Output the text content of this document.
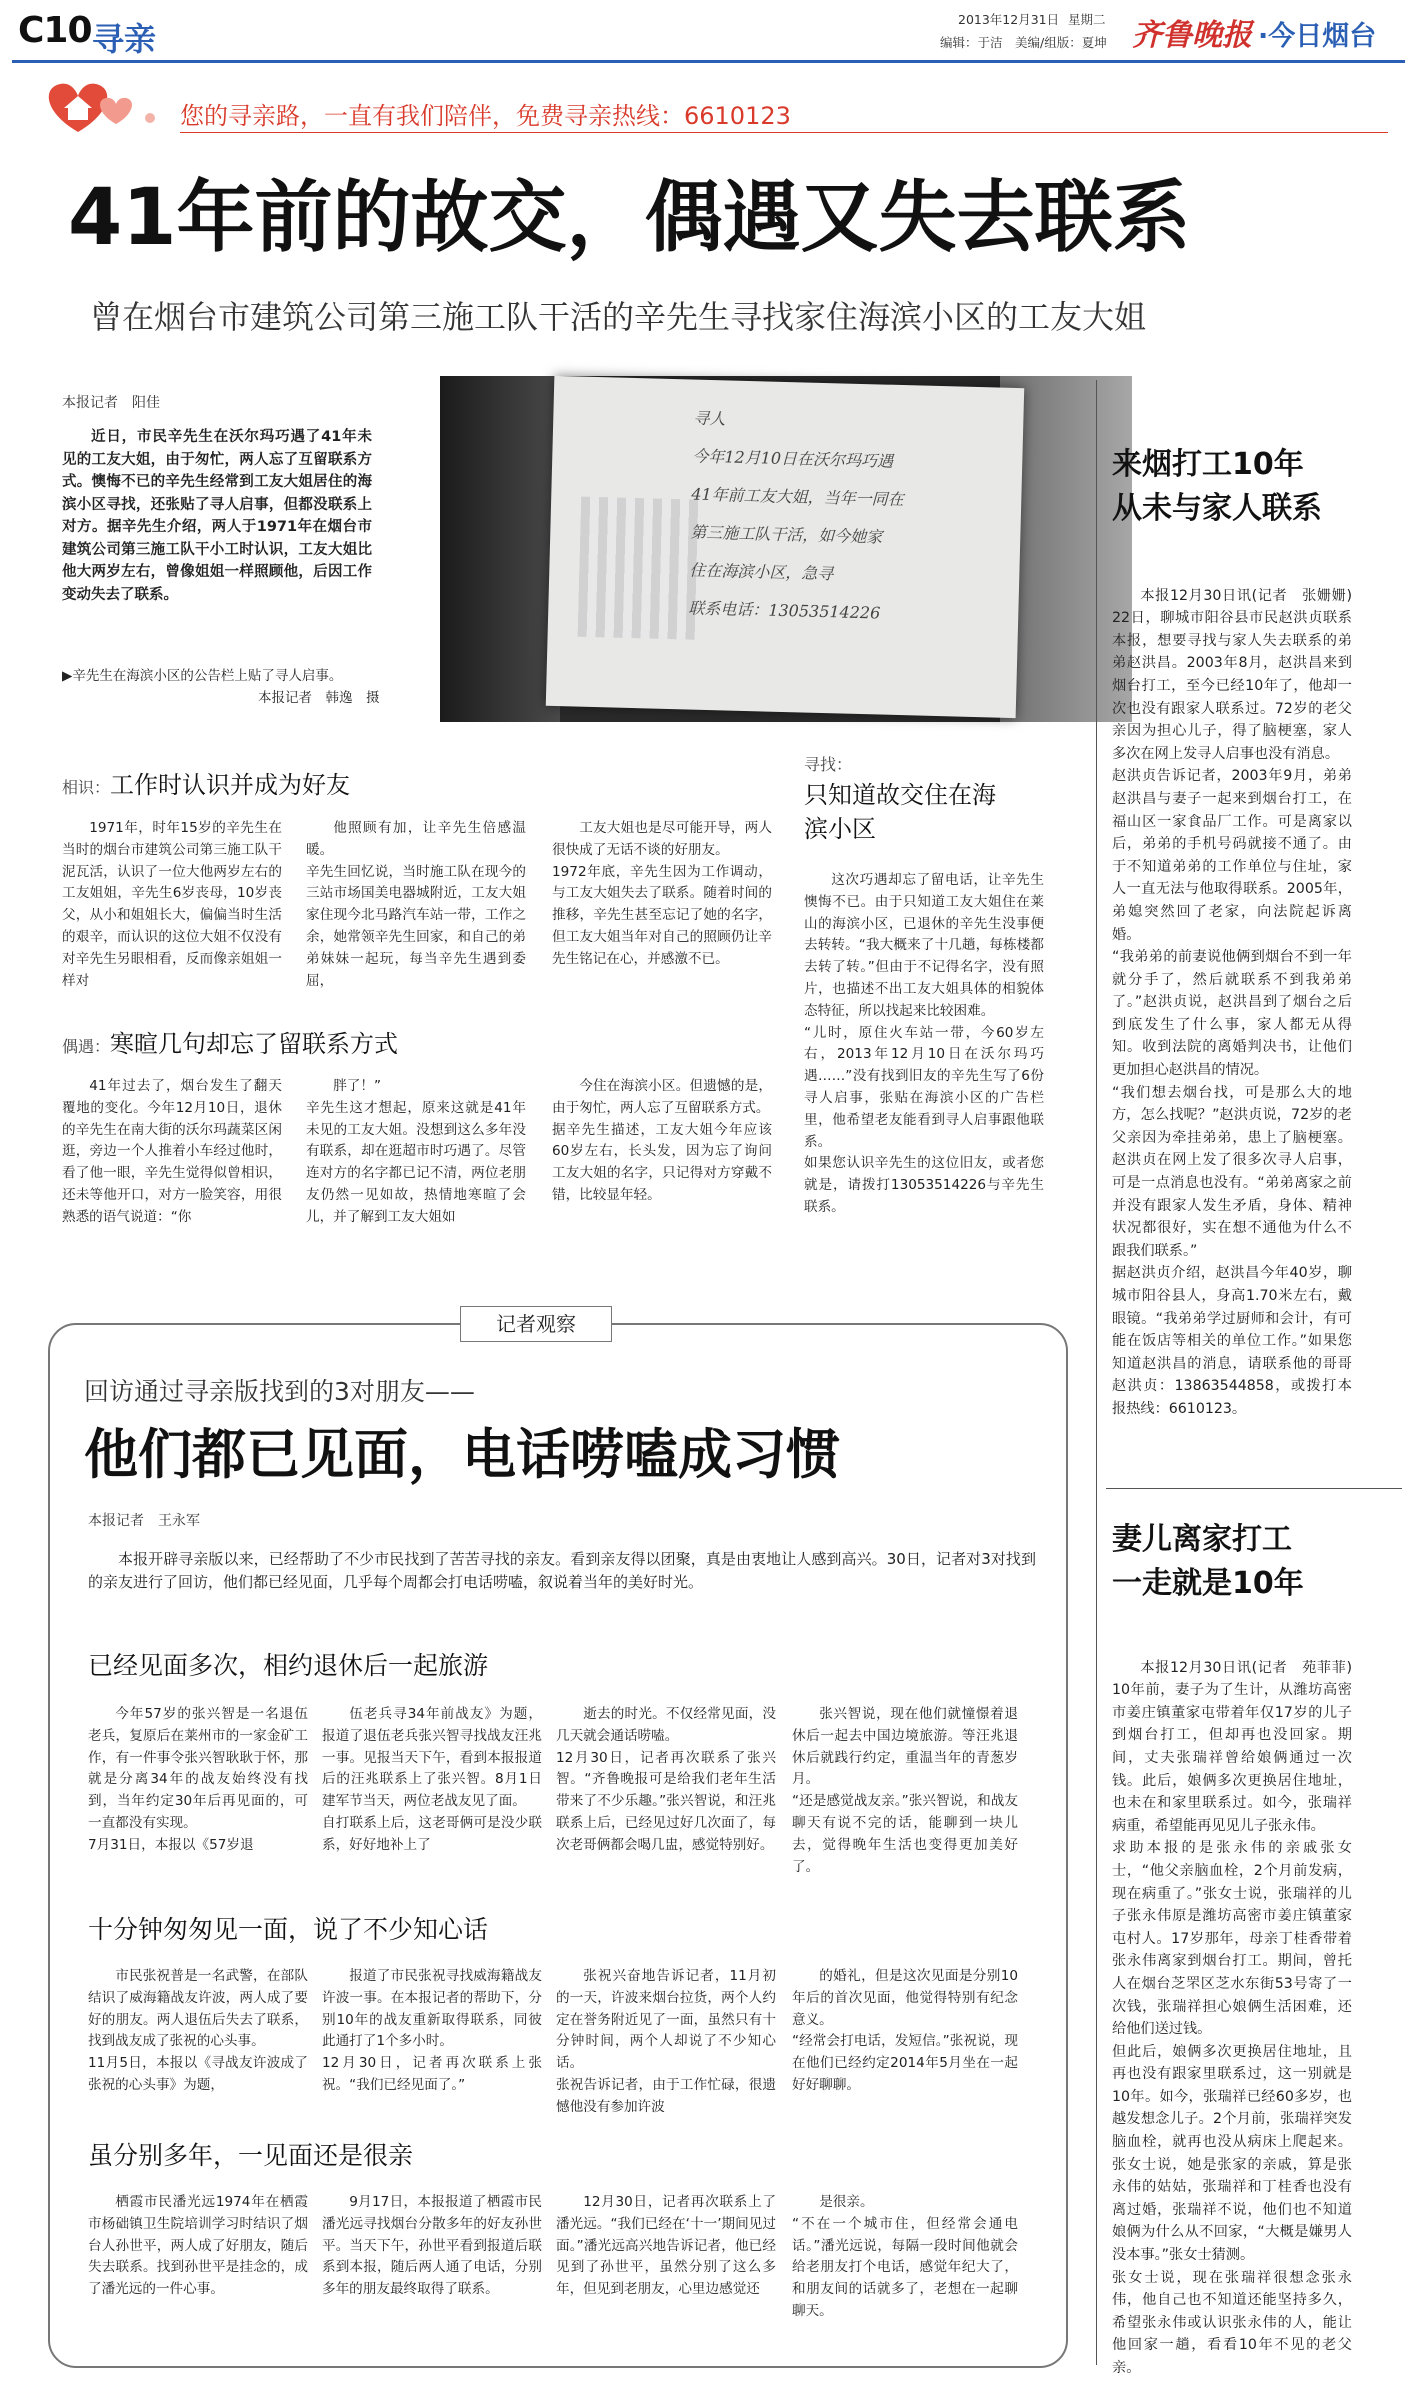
C10 寻亲
2013年12月31日 星期二
编辑：于洁　美编/组版：夏坤 齐鲁晚报 ·今日烟台
您的寻亲路，一直有我们陪伴，免费寻亲热线：6610123
41年前的故交，偶遇又失去联系
曾在烟台市建筑公司第三施工队干活的辛先生寻找家住海滨小区的工友大姐
本报记者　阳佳

近日，市民辛先生在沃尔玛巧遇了41年未见的工友大姐，由于匆忙，两人忘了互留联系方式。懊悔不已的辛先生经常到工友大姐居住的海滨小区寻找，还张贴了寻人启事，但都没联系上对方。据辛先生介绍，两人于1971年在烟台市建筑公司第三施工队干小工时认识，工友大姐比他大两岁左右，曾像姐姐一样照顾他，后因工作变动失去了联系。

▶辛先生在海滨小区的公告栏上贴了寻人启事。
本报记者　韩逸　摄
寻人
今年12月10日在沃尔玛巧遇
41年前工友大姐，当年一同在
第三施工队干活，如今她家
住在海滨小区，急寻
联系电话：13053514226
相识：工作时认识并成为好友

1971年，时年15岁的辛先生在当时的烟台市建筑公司第三施工队干泥瓦活，认识了一位大他两岁左右的工友姐姐，辛先生6岁丧母，10岁丧父，从小和姐姐长大，偏偏当时生活的艰辛，而认识的这位大姐不仅没有对辛先生另眼相看，反而像亲姐姐一样对

他照顾有加，让辛先生倍感温暖。
辛先生回忆说，当时施工队在现今的三站市场国美电器城附近，工友大姐家住现今北马路汽车站一带，工作之余，她常领辛先生回家，和自己的弟弟妹妹一起玩，每当辛先生遇到委屈，

工友大姐也是尽可能开导，两人很快成了无话不谈的好朋友。
1972年底，辛先生因为工作调动，与工友大姐失去了联系。随着时间的推移，辛先生甚至忘记了她的名字，但工友大姐当年对自己的照顾仍让辛先生铭记在心，并感激不已。

偶遇：寒暄几句却忘了留联系方式

41年过去了，烟台发生了翻天覆地的变化。今年12月10日，退休的辛先生在南大街的沃尔玛蔬菜区闲逛，旁边一个人推着小车经过他时，看了他一眼，辛先生觉得似曾相识，还未等他开口，对方一脸笑容，用很熟悉的语气说道：“你

胖了！”
辛先生这才想起，原来这就是41年未见的工友大姐。没想到这么多年没有联系，却在逛超市时巧遇了。尽管连对方的名字都已记不清，两位老朋友仍然一见如故，热情地寒暄了会儿，并了解到工友大姐如

今住在海滨小区。但遗憾的是，由于匆忙，两人忘了互留联系方式。
据辛先生描述，工友大姐今年应该60岁左右，长头发，因为忘了询问工友大姐的名字，只记得对方穿戴不错，比较显年轻。

寻找：
只知道故交住在海滨小区

这次巧遇却忘了留电话，让辛先生懊悔不已。由于只知道工友大姐住在莱山的海滨小区，已退休的辛先生没事便去转转。“我大概来了十几趟，每栋楼都去转了转。”但由于不记得名字，没有照片，也描述不出工友大姐具体的相貌体态特征，所以找起来比较困难。
“儿时，原住火车站一带，今60岁左右，2013年12月10日在沃尔玛巧遇……”没有找到旧友的辛先生写了6份寻人启事，张贴在海滨小区的广告栏里，他希望老友能看到寻人启事跟他联系。
如果您认识辛先生的这位旧友，或者您就是，请拨打13053514226与辛先生联系。

记者观察
回访通过寻亲版找到的3对朋友——
他们都已见面，电话唠嗑成习惯
本报记者　王永军

本报开辟寻亲版以来，已经帮助了不少市民找到了苦苦寻找的亲友。看到亲友得以团聚，真是由衷地让人感到高兴。30日，记者对3对找到的亲友进行了回访，他们都已经见面，几乎每个周都会打电话唠嗑，叙说着当年的美好时光。

已经见面多次，相约退休后一起旅游

今年57岁的张兴智是一名退伍老兵，复原后在莱州市的一家金矿工作，有一件事令张兴智耿耿于怀，那就是分离34年的战友始终没有找到，当年约定30年后再见面的，可一直都没有实现。
7月31日，本报以《57岁退

伍老兵寻34年前战友》为题，报道了退伍老兵张兴智寻找战友汪兆一事。见报当天下午，看到本报报道后的汪兆联系上了张兴智。8月1日建军节当天，两位老战友见了面。
自打联系上后，这老哥俩可是没少联系，好好地补上了

逝去的时光。不仅经常见面，没几天就会通话唠嗑。
12月30日，记者再次联系了张兴智。“齐鲁晚报可是给我们老年生活带来了不少乐趣。”张兴智说，和汪兆联系上后，已经见过好几次面了，每次老哥俩都会喝几盅，感觉特别好。

张兴智说，现在他们就憧憬着退休后一起去中国边境旅游。等汪兆退休后就践行约定，重温当年的青葱岁月。
“还是感觉战友亲。”张兴智说，和战友聊天有说不完的话，能聊到一块儿去，觉得晚年生活也变得更加美好了。

十分钟匆匆见一面，说了不少知心话

市民张祝普是一名武警，在部队结识了威海籍战友许波，两人成了要好的朋友。两人退伍后失去了联系，找到战友成了张祝的心头事。
11月5日，本报以《寻战友许波成了张祝的心头事》为题，

报道了市民张祝寻找威海籍战友许波一事。在本报记者的帮助下，分别10年的战友重新取得联系，同彼此通打了1个多小时。
12月30日，记者再次联系上张祝。“我们已经见面了。”

张祝兴奋地告诉记者，11月初的一天，许波来烟台拉货，两个人约定在誉务附近见了一面，虽然只有十分钟时间，两个人却说了不少知心话。
张祝告诉记者，由于工作忙碌，很遗憾他没有参加许波

的婚礼，但是这次见面是分别10年后的首次见面，他觉得特别有纪念意义。
“经常会打电话，发短信。”张祝说，现在他们已经约定2014年5月坐在一起好好聊聊。

虽分别多年，一见面还是很亲

栖霞市民潘光远1974年在栖霞市杨础镇卫生院培训学习时结识了烟台人孙世平，两人成了好朋友，随后失去联系。找到孙世平是挂念的，成了潘光远的一件心事。

9月17日，本报报道了栖霞市民潘光远寻找烟台分散多年的好友孙世平。当天下午，孙世平看到报道后联系到本报，随后两人通了电话，分别多年的朋友最终取得了联系。

12月30日，记者再次联系上了潘光远。“我们已经在‘十一’期间见过面。”潘光远高兴地告诉记者，他已经见到了孙世平，虽然分别了这么多年，但见到老朋友，心里边感觉还

是很亲。
“不在一个城市住，但经常会通电话。”潘光远说，每隔一段时间他就会给老朋友打个电话，感觉年纪大了，和朋友间的话就多了，老想在一起聊聊天。

来烟打工10年
从未与家人联系

本报12月30日讯(记者　张姗姗)　22日，聊城市阳谷县市民赵洪贞联系本报，想要寻找与家人失去联系的弟弟赵洪昌。2003年8月，赵洪昌来到烟台打工，至今已经10年了，他却一次也没有跟家人联系过。72岁的老父亲因为担心儿子，得了脑梗塞，家人多次在网上发寻人启事也没有消息。
赵洪贞告诉记者，2003年9月，弟弟赵洪昌与妻子一起来到烟台打工，在福山区一家食品厂工作。可是离家以后，弟弟的手机号码就接不通了。由于不知道弟弟的工作单位与住址，家人一直无法与他取得联系。2005年，弟媳突然回了老家，向法院起诉离婚。
“我弟弟的前妻说他俩到烟台不到一年就分手了，然后就联系不到我弟弟了。”赵洪贞说，赵洪昌到了烟台之后到底发生了什么事，家人都无从得知。收到法院的离婚判决书，让他们更加担心赵洪昌的情况。
“我们想去烟台找，可是那么大的地方，怎么找呢？”赵洪贞说，72岁的老父亲因为牵挂弟弟，患上了脑梗塞。赵洪贞在网上发了很多次寻人启事，可是一点消息也没有。“弟弟离家之前并没有跟家人发生矛盾，身体、精神状况都很好，实在想不通他为什么不跟我们联系。”
据赵洪贞介绍，赵洪昌今年40岁，聊城市阳谷县人，身高1.70米左右，戴眼镜。“我弟弟学过厨师和会计，有可能在饭店等相关的单位工作。”如果您知道赵洪昌的消息，请联系他的哥哥赵洪贞：13863544858，或拨打本报热线：6610123。

妻儿离家打工
一走就是10年

本报12月30日讯(记者　苑菲菲)　10年前，妻子为了生计，从潍坊高密市姜庄镇董家屯带着年仅17岁的儿子到烟台打工，但却再也没回家。期间，丈夫张瑞祥曾给娘俩通过一次钱。此后，娘俩多次更换居住地址，也未在和家里联系过。如今，张瑞祥病重，希望能再见见儿子张永伟。
求助本报的是张永伟的亲戚张女士，“他父亲脑血栓，2个月前发病，现在病重了。”张女士说，张瑞祥的儿子张永伟原是潍坊高密市姜庄镇董家屯村人。17岁那年，母亲丁桂香带着张永伟离家到烟台打工。期间，曾托人在烟台芝罘区芝水东街53号寄了一次钱，张瑞祥担心娘俩生活困难，还给他们送过钱。
但此后，娘俩多次更换居住地址，且再也没有跟家里联系过，这一别就是10年。如今，张瑞祥已经60多岁，也越发想念儿子。2个月前，张瑞祥突发脑血栓，就再也没从病床上爬起来。张女士说，她是张家的亲戚，算是张永伟的姑姑，张瑞祥和丁桂香也没有离过婚，张瑞祥不说，他们也不知道娘俩为什么从不回家，“大概是嫌男人没本事。”张女士猜测。
张女士说，现在张瑞祥很想念张永伟，他自己也不知道还能坚持多久，希望张永伟或认识张永伟的人，能让他回家一趟，看看10年不见的老父亲。
